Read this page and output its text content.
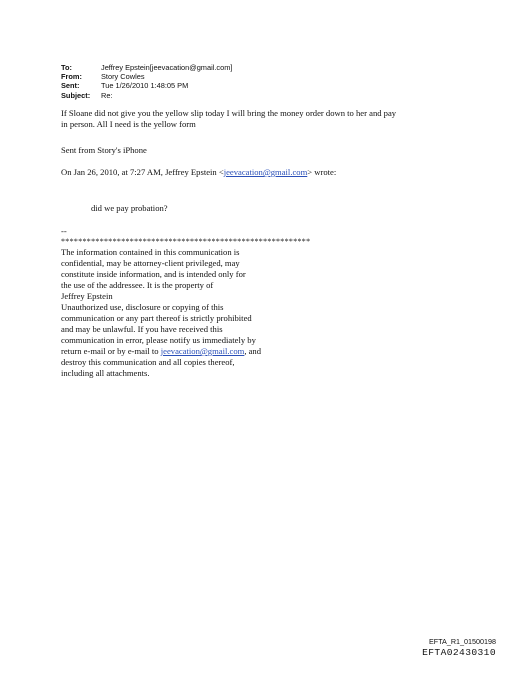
To:	Jeffrey Epstein[jeevacation@gmail.com]
From:	Story Cowles
Sent:	Tue 1/26/2010 1:48:05 PM
Subject:	Re:
If Sloane did not give you the yellow slip today I will bring the money order down to her and pay
in person. All I need is the yellow form
Sent from Story's iPhone
On Jan 26, 2010, at 7:27 AM, Jeffrey Epstein <jeevacation@gmail.com> wrote:
did we pay probation?
--
**********************************************************
The information contained in this communication is
confidential, may be attorney-client privileged, may
constitute inside information, and is intended only for
the use of the addressee. It is the property of
Jeffrey Epstein
Unauthorized use, disclosure or copying of this
communication or any part thereof is strictly prohibited
and may be unlawful. If you have received this
communication in error, please notify us immediately by
return e-mail or by e-mail to jeevacation@gmail.com, and
destroy this communication and all copies thereof,
including all attachments.
EFTA_R1_01500198
EFTA02430310
